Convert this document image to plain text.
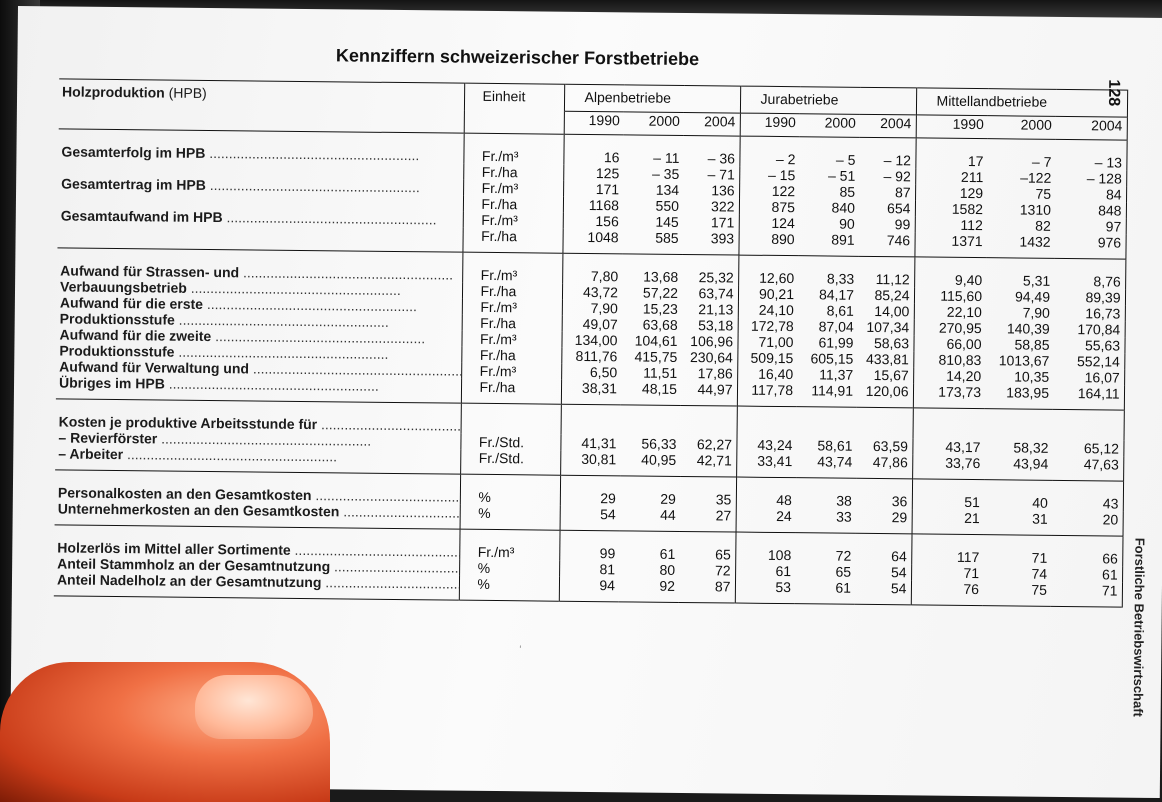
Kennziffern schweizerischer Forstbetriebe
128
Forstliche Betriebswirtschaft
Holzproduktion (HPB)	Einheit	Alpenbetriebe			Jurabetriebe			Mittellandbetriebe		
		1990	2000	2004	1990	2000	2004	1990	2000	2004
Gesamterfolg im HPB .....	Fr./m³	16	– 11	– 36	– 2	– 5	– 12	17	– 7	– 13
	Fr./ha	125	– 35	– 71	– 15	– 51	– 92	211	–122	– 128
Gesamtertrag im HPB .....	Fr./m³	171	134	136	122	85	87	129	75	84
	Fr./ha	1168	550	322	875	840	654	1582	1310	848
Gesamtaufwand im HPB .....	Fr./m³	156	145	171	124	90	99	112	82	97
	Fr./ha	1048	585	393	890	891	746	1371	1432	976
Aufwand für Strassen- und .....	Fr./m³	7,80	13,68	25,32	12,60	8,33	11,12	9,40	5,31	8,76
Verbauungsbetrieb .....	Fr./ha	43,72	57,22	63,74	90,21	84,17	85,24	115,60	94,49	89,39
Aufwand für die erste .....	Fr./m³	7,90	15,23	21,13	24,10	8,61	14,00	22,10	7,90	16,73
Produktionsstufe .....	Fr./ha	49,07	63,68	53,18	172,78	87,04	107,34	270,95	140,39	170,84
Aufwand für die zweite .....	Fr./m³	134,00	104,61	106,96	71,00	61,99	58,63	66,00	58,85	55,63
Produktionsstufe .....	Fr./ha	811,76	415,75	230,64	509,15	605,15	433,81	810,83	1013,67	552,14
Aufwand für Verwaltung und .....	Fr./m³	6,50	11,51	17,86	16,40	11,37	15,67	14,20	10,35	16,07
Übriges im HPB .....	Fr./ha	38,31	48,15	44,97	117,78	114,91	120,06	173,73	183,95	164,11
Kosten je produktive Arbeitsstunde für .....										
– Revierförster .....	Fr./Std.	41,31	56,33	62,27	43,24	58,61	63,59	43,17	58,32	65,12
– Arbeiter .....	Fr./Std.	30,81	40,95	42,71	33,41	43,74	47,86	33,76	43,94	47,63
Personalkosten an den Gesamtkosten .....	%	29	29	35	48	38	36	51	40	43
Unternehmerkosten an den Gesamtkosten .....	%	54	44	27	24	33	29	21	31	20
Holzerlös im Mittel aller Sortimente .....	Fr./m³	99	61	65	108	72	64	117	71	66
Anteil Stammholz an der Gesamtnutzung .....	%	81	80	72	61	65	54	71	74	61
Anteil Nadelholz an der Gesamtnutzung .....	%	94	92	87	53	61	54	76	75	71
‘
